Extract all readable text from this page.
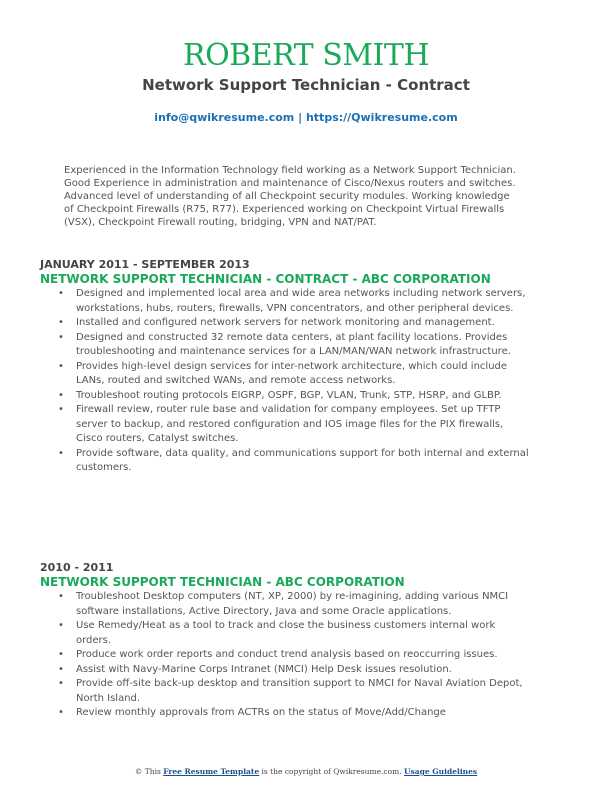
ROBERT SMITH
Network Support Technician - Contract
info@qwikresume.com | https://Qwikresume.com
Experienced in the Information Technology field working as a Network Support Technician. Good Experience in administration and maintenance of Cisco/Nexus routers and switches. Advanced level of understanding of all Checkpoint security modules. Working knowledge of Checkpoint Firewalls (R75, R77). Experienced working on Checkpoint Virtual Firewalls (VSX), Checkpoint Firewall routing, bridging, VPN and NAT/PAT.
JANUARY 2011 - SEPTEMBER 2013
NETWORK SUPPORT TECHNICIAN - CONTRACT - ABC CORPORATION
• Designed and implemented local area and wide area networks including network servers, workstations, hubs, routers, firewalls, VPN concentrators, and other peripheral devices.
• Installed and configured network servers for network monitoring and management.
• Designed and constructed 32 remote data centers, at plant facility locations. Provides troubleshooting and maintenance services for a LAN/MAN/WAN network infrastructure.
• Provides high-level design services for inter-network architecture, which could include LANs, routed and switched WANs, and remote access networks.
• Troubleshoot routing protocols EIGRP, OSPF, BGP, VLAN, Trunk, STP, HSRP, and GLBP.
• Firewall review, router rule base and validation for company employees. Set up TFTP server to backup, and restored configuration and IOS image files for the PIX firewalls, Cisco routers, Catalyst switches.
• Provide software, data quality, and communications support for both internal and external customers.
2010 - 2011
NETWORK SUPPORT TECHNICIAN - ABC CORPORATION
• Troubleshoot Desktop computers (NT, XP, 2000) by re-imagining, adding various NMCI software installations, Active Directory, Java and some Oracle applications.
• Use Remedy/Heat as a tool to track and close the business customers internal work orders.
• Produce work order reports and conduct trend analysis based on reoccurring issues.
• Assist with Navy-Marine Corps Intranet (NMCI) Help Desk issues resolution.
• Provide off-site back-up desktop and transition support to NMCI for Naval Aviation Depot, North Island.
• Review monthly approvals from ACTRs on the status of Move/Add/Change
© This Free Resume Template is the copyright of Qwikresume.com. Usage Guidelines
